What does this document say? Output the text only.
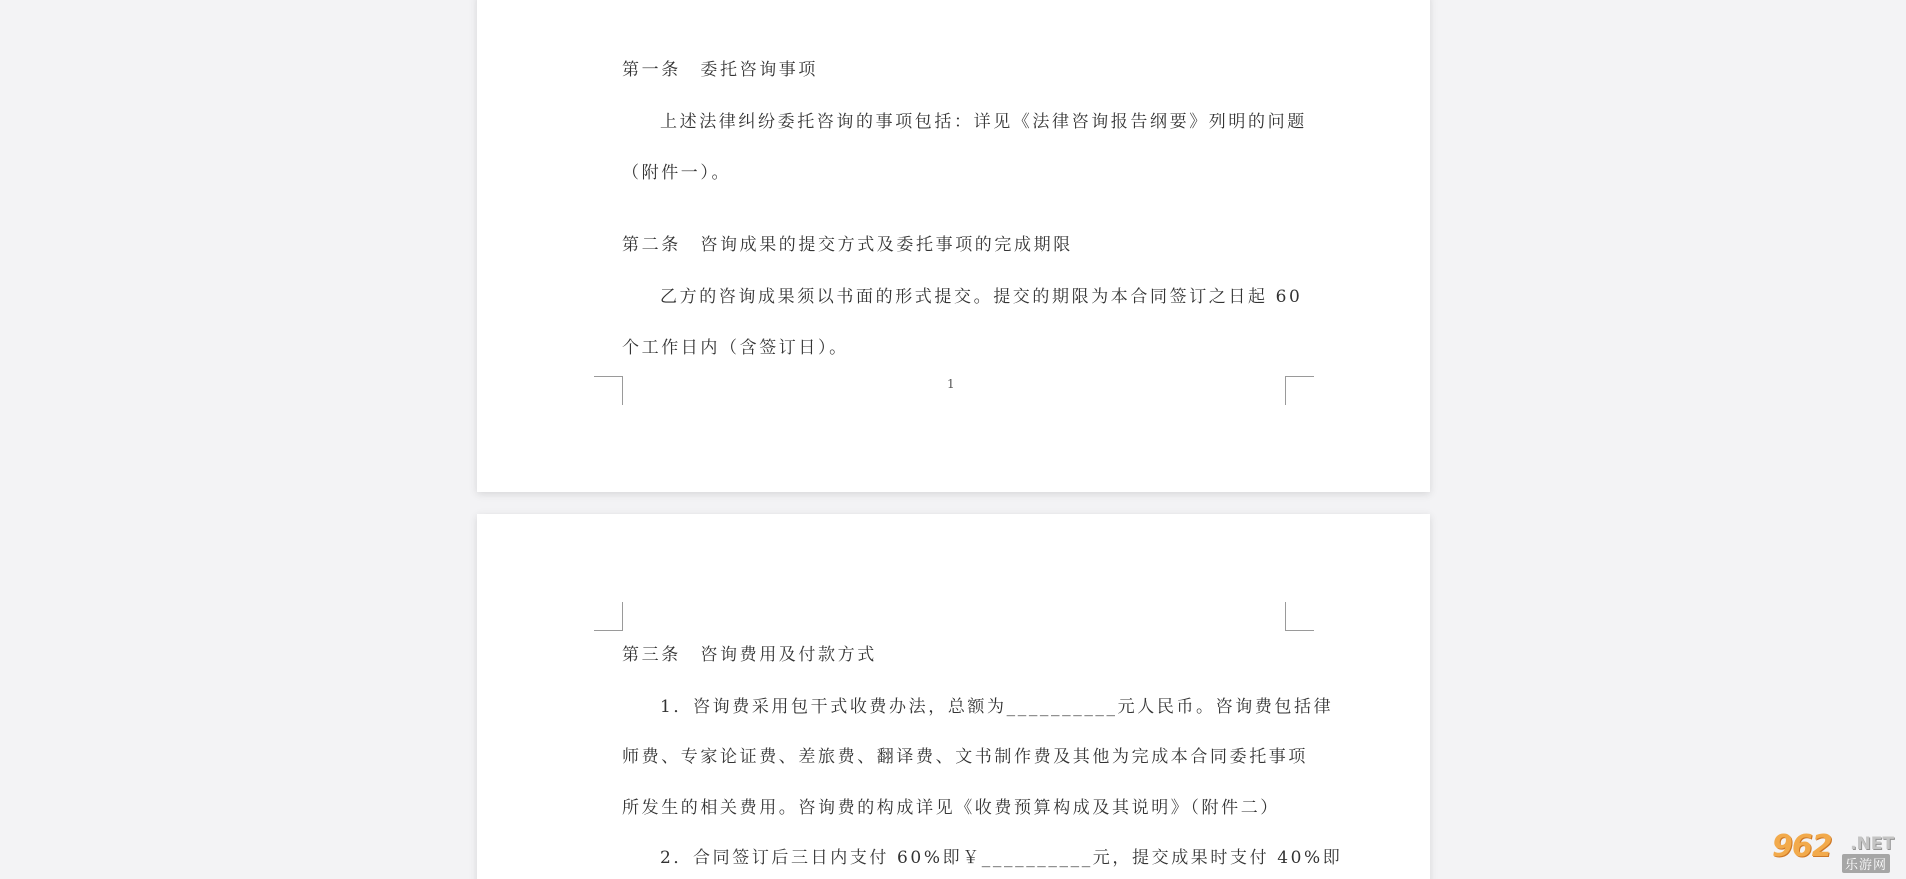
第一条　委托咨询事项
上述法律纠纷委托咨询的事项包括：详见《法律咨询报告纲要》列明的问题
（附件一）。
第二条　咨询成果的提交方式及委托事项的完成期限
乙方的咨询成果须以书面的形式提交。提交的期限为本合同签订之日起 60
个工作日内（含签订日）。
1
第三条　咨询费用及付款方式
1．咨询费采用包干式收费办法，总额为__________元人民币。咨询费包括律
师费、专家论证费、差旅费、翻译费、文书制作费及其他为完成本合同委托事项
所发生的相关费用。咨询费的构成详见《收费预算构成及其说明》（附件二）
2．合同签订后三日内支付 60%即￥__________元，提交成果时支付 40%即	962 .NET
乐游网
